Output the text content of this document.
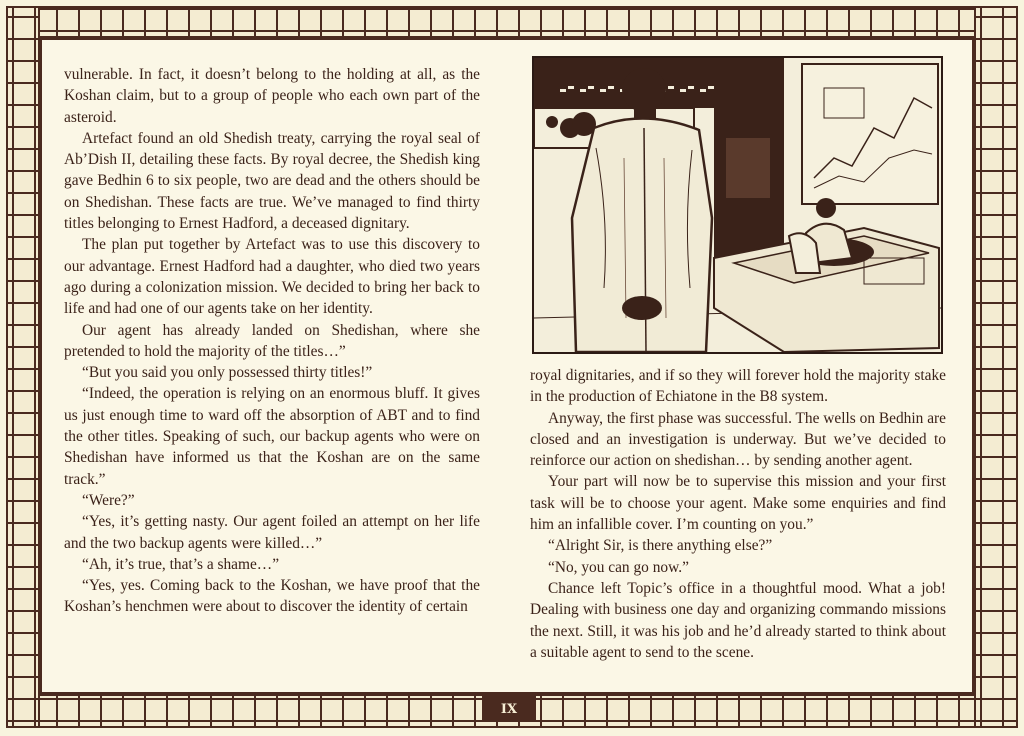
vulnerable. In fact, it doesn’t belong to the holding at all, as the Koshan claim, but to a group of people who each own part of the asteroid.

Artefact found an old Shedish treaty, carrying the royal seal of Ab’Dish II, detailing these facts. By royal decree, the Shedish king gave Bedhin 6 to six people, two are dead and the others should be on Shedishan. These facts are true. We’ve managed to find thirty titles belonging to Ernest Hadford, a deceased dignitary.

The plan put together by Artefact was to use this discovery to our advantage. Ernest Hadford had a daughter, who died two years ago during a colonization mission. We decided to bring her back to life and had one of our agents take on her identity.

Our agent has already landed on Shedishan, where she pretended to hold the majority of the titles…”

“But you said you only possessed thirty titles!”

“Indeed, the operation is relying on an enormous bluff. It gives us just enough time to ward off the absorption of ABT and to find the other titles. Speaking of such, our backup agents who were on Shedishan have informed us that the Koshan are on the same track.”

“Were?”

“Yes, it’s getting nasty. Our agent foiled an attempt on her life and the two backup agents were killed…”

“Ah, it’s true, that’s a shame…”

“Yes, yes. Coming back to the Koshan, we have proof that the Koshan’s henchmen were about to discover the identity of certain

royal dignitaries, and if so they will forever hold the majority stake in the production of Echiatone in the B8 system.

Anyway, the first phase was successful. The wells on Bedhin are closed and an investigation is underway. But we’ve decided to reinforce our action on shedishan… by sending another agent.

Your part will now be to supervise this mission and your first task will be to choose your agent. Make some enquiries and find him an infallible cover. I’m counting on you.”

“Alright Sir, is there anything else?”

“No, you can go now.”

Chance left Topic’s office in a thoughtful mood. What a job! Dealing with business one day and organizing commando missions the next. Still, it was his job and he’d already started to think about a suitable agent to send to the scene.

IX
